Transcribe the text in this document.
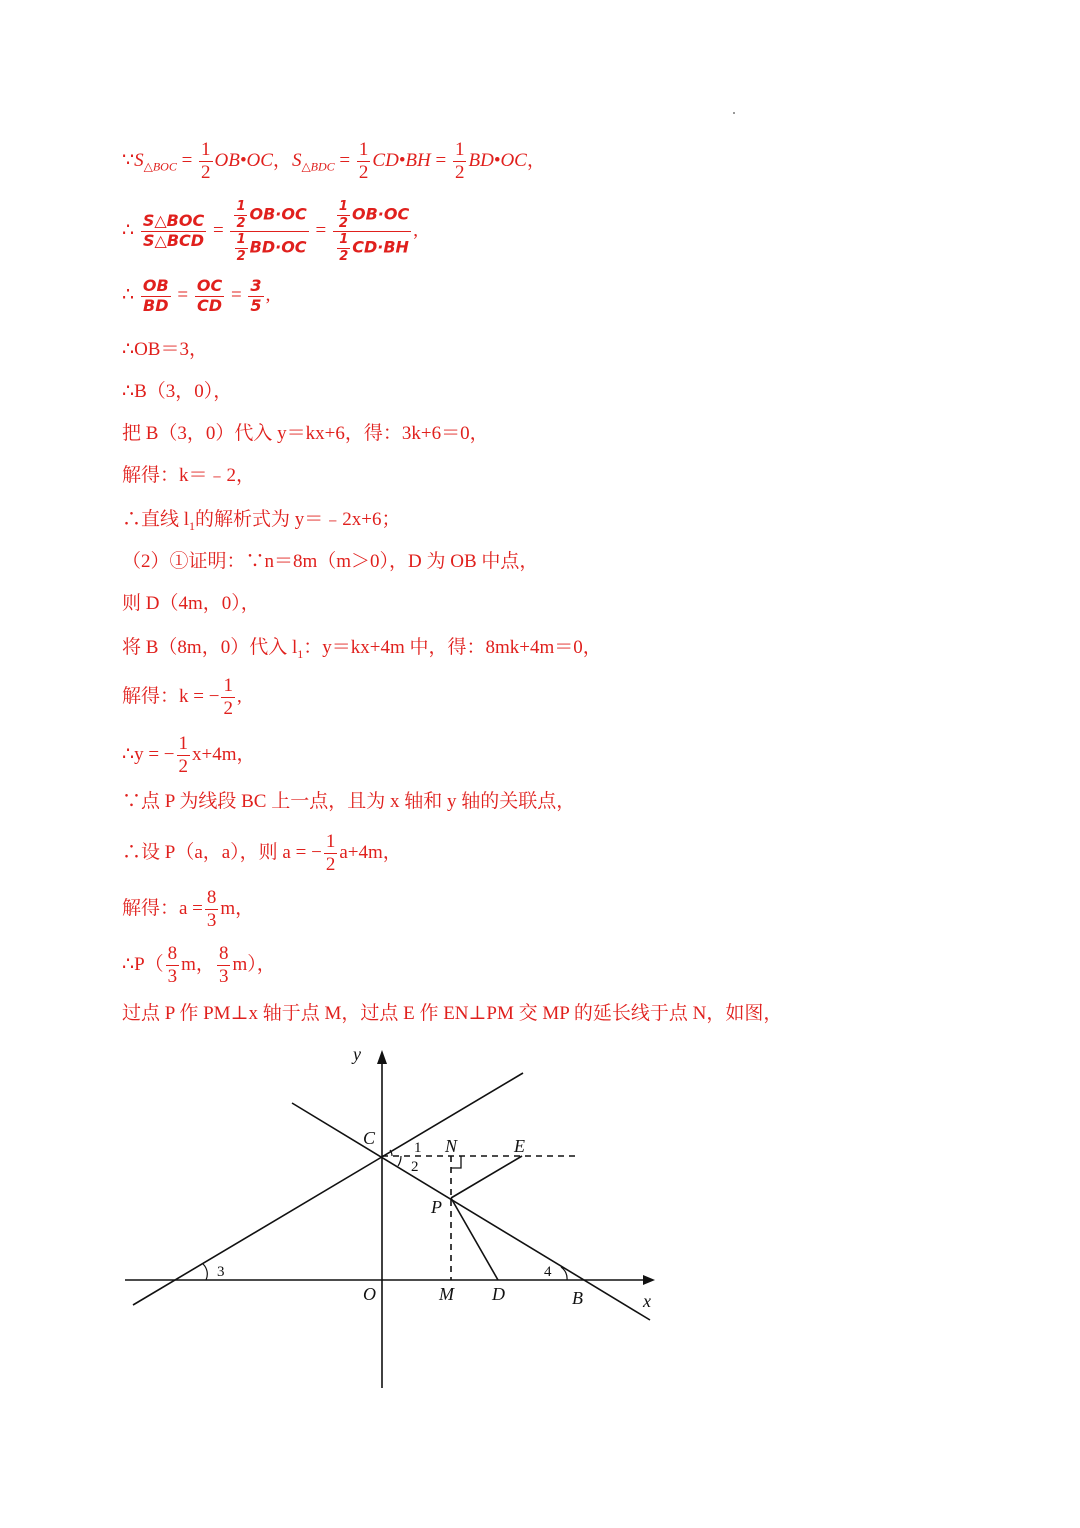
$\because S_{\triangle BOC} = \frac{1}{2}$ OB•OC，$S_{\triangle BDC} = \frac{1}{2}$ CD•BH = $\frac{1}{2}$ BD•OC，
∴ $\frac{\text{S△BOC}}{\text{S△BCD}} = \frac{\frac{1}{2} OB\cdot OC}{\frac{1}{2} BD\cdot OC} = \frac{\frac{1}{2} OB\cdot OC}{\frac{1}{2} CD\cdot BH}$ ,
∴ $\frac{OB}{BD} = \frac{OC}{CD} = \frac{3}{5}$ ,
∴OB＝3，
∴B（3，0），
把 B（3，0）代入 y＝kx+6，得：3k+6＝0，
解得：k＝﹣2，
∴直线 $l_1$的解析式为 y＝﹣2x+6；
（2）①证明：∵n＝8m（m＞0），D 为 OB 中点，
则 D（4m，0），
将 B（8m，0）代入 $l_1$：y＝kx+4m 中，得：8mk+4m＝0，
解得：k = − $\frac{1}{2}$ ,
∴y = − $\frac{1}{2} x+4m$，
∵点 P 为线段 BC 上一点，且为 x 轴和 y 轴的关联点，
∴设 P（a，a），则 a = − $\frac{1}{2} a+4m$，
解得：$a = \frac{8}{3}$ m，
∴P（ $\frac{8}{3}$ m， $\frac{8}{3} m$），
过点 P 作 PM⊥x 轴于点 M，过点 E 作 EN⊥PM 交 MP 的延长线于点 N，如图，
y
x
C	N	E
P
O	M D	B
1
2
3	4
